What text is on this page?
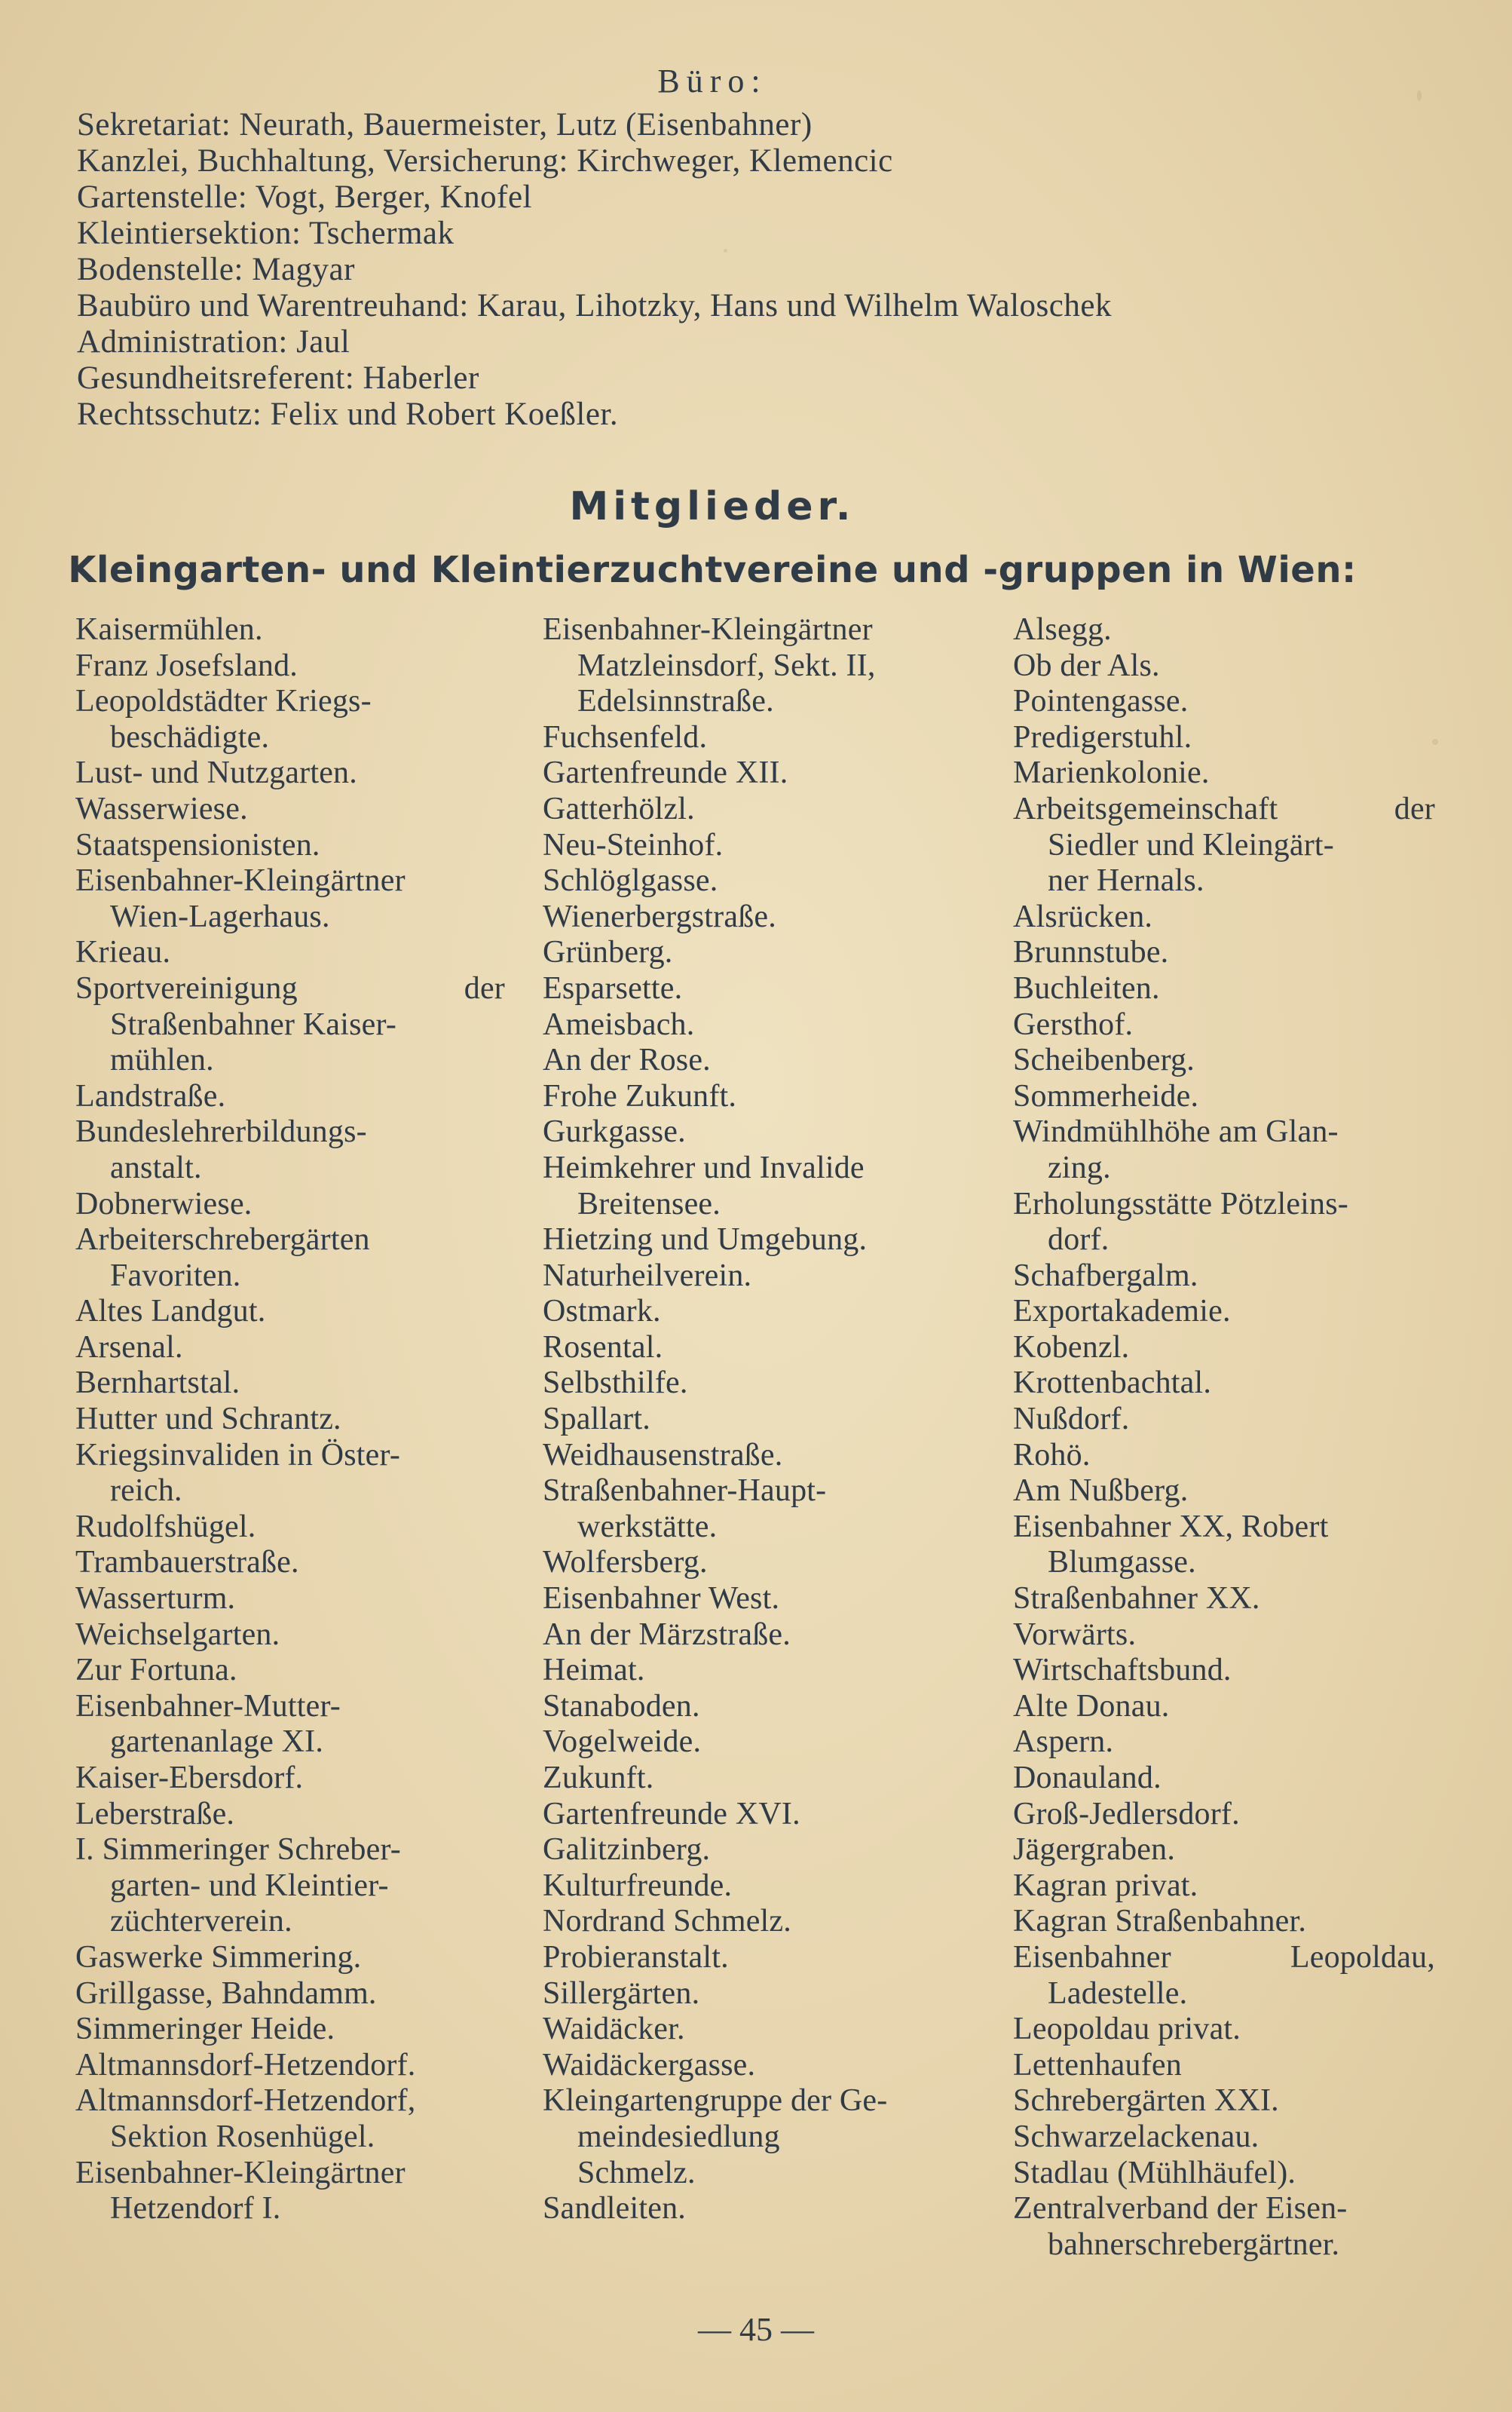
Büro:
Sekretariat: Neurath, Bauermeister, Lutz (Eisenbahner)
Kanzlei, Buchhaltung, Versicherung: Kirchweger, Klemencic
Gartenstelle: Vogt, Berger, Knofel
Kleintiersektion: Tschermak
Bodenstelle: Magyar
Baubüro und Warentreuhand: Karau, Lihotzky, Hans und Wilhelm Waloschek
Administration: Jaul
Gesundheitsreferent: Haberler
Rechtsschutz: Felix und Robert Koeßler.
Mitglieder.
Kleingarten- und Kleintierzuchtvereine und -gruppen in Wien:
Kaisermühlen.
Franz Josefsland.
Leopoldstädter Kriegs-
beschädigte.
Lust- und Nutzgarten.
Wasserwiese.
Staatspensionisten.
Eisenbahner-Kleingärtner
Wien-Lagerhaus.
Krieau.
Sportvereinigung	der
Straßenbahner Kaiser-
mühlen.
Landstraße.
Bundeslehrerbildungs-
anstalt.
Dobnerwiese.
Arbeiterschrebergärten
Favoriten.
Altes Landgut.
Arsenal.
Bernhartstal.
Hutter und Schrantz.
Kriegsinvaliden in Öster-
reich.
Rudolfshügel.
Trambauerstraße.
Wasserturm.
Weichselgarten.
Zur Fortuna.
Eisenbahner-Mutter-
gartenanlage XI.
Kaiser-Ebersdorf.
Leberstraße.
I. Simmeringer Schreber-
garten- und Kleintier-
züchterverein.
Gaswerke Simmering.
Grillgasse, Bahndamm.
Simmeringer Heide.
Altmannsdorf-Hetzendorf.
Altmannsdorf-Hetzendorf,
Sektion Rosenhügel.
Eisenbahner-Kleingärtner
Hetzendorf I.
Eisenbahner-Kleingärtner
Matzleinsdorf, Sekt. II,
Edelsinnstraße.
Fuchsenfeld.
Gartenfreunde XII.
Gatterhölzl.
Neu-Steinhof.
Schlöglgasse.
Wienerbergstraße.
Grünberg.
Esparsette.
Ameisbach.
An der Rose.
Frohe Zukunft.
Gurkgasse.
Heimkehrer und Invalide
Breitensee.
Hietzing und Umgebung.
Naturheilverein.
Ostmark.
Rosental.
Selbsthilfe.
Spallart.
Weidhausenstraße.
Straßenbahner-Haupt-
werkstätte.
Wolfersberg.
Eisenbahner West.
An der Märzstraße.
Heimat.
Stanaboden.
Vogelweide.
Zukunft.
Gartenfreunde XVI.
Galitzinberg.
Kulturfreunde.
Nordrand Schmelz.
Probieranstalt.
Sillergärten.
Waidäcker.
Waidäckergasse.
Kleingartengruppe der Ge-
meindesiedlung
Schmelz.
Sandleiten.
Alsegg.
Ob der Als.
Pointengasse.
Predigerstuhl.
Marienkolonie.
Arbeitsgemeinschaft	der
Siedler und Kleingärt-
ner Hernals.
Alsrücken.
Brunnstube.
Buchleiten.
Gersthof.
Scheibenberg.
Sommerheide.
Windmühlhöhe am Glan-
zing.
Erholungsstätte Pötzleins-
dorf.
Schafbergalm.
Exportakademie.
Kobenzl.
Krottenbachtal.
Nußdorf.
Rohö.
Am Nußberg.
Eisenbahner XX, Robert
Blumgasse.
Straßenbahner XX.
Vorwärts.
Wirtschaftsbund.
Alte Donau.
Aspern.
Donauland.
Groß-Jedlersdorf.
Jägergraben.
Kagran privat.
Kagran Straßenbahner.
Eisenbahner	Leopoldau,
Ladestelle.
Leopoldau privat.
Lettenhaufen
Schrebergärten XXI.
Schwarzelackenau.
Stadlau (Mühlhäufel).
Zentralverband der Eisen-
bahnerschrebergärtner.
— 45 —
